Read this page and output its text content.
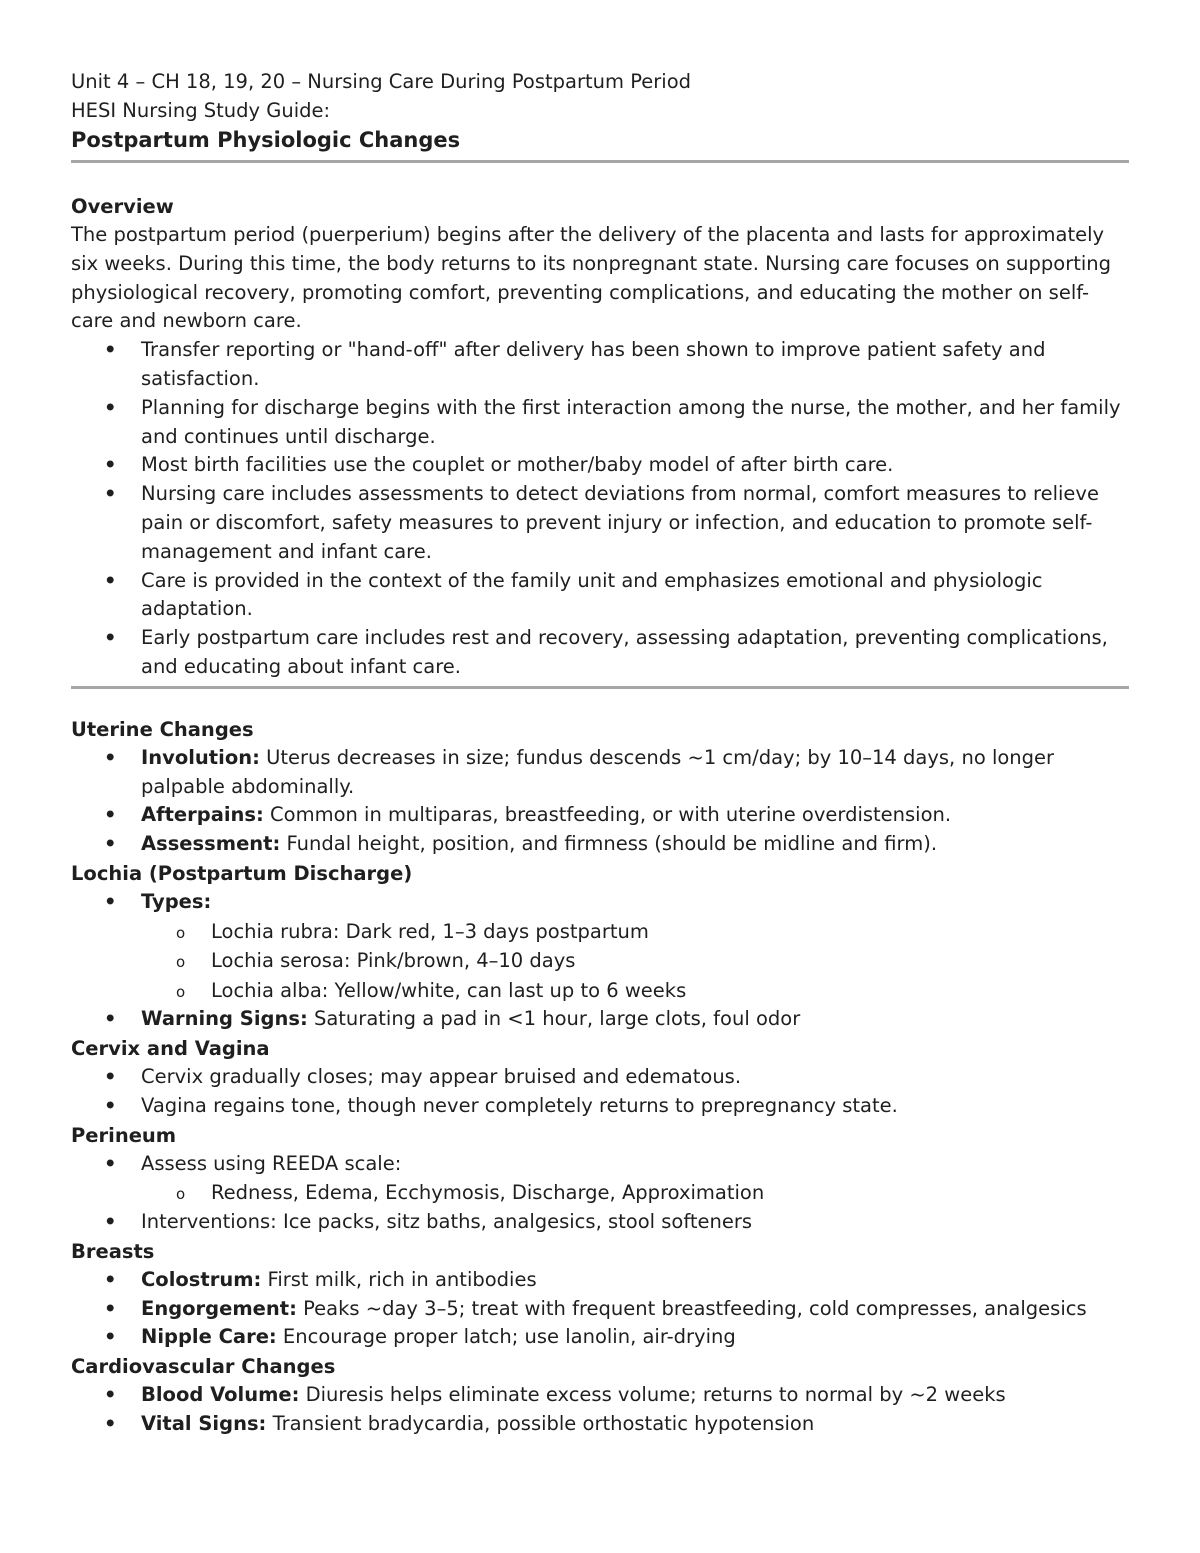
Unit 4 – CH 18, 19, 20 – Nursing Care During Postpartum Period
HESI Nursing Study Guide:
Postpartum Physiologic Changes
Overview
The postpartum period (puerperium) begins after the delivery of the placenta and lasts for approximately six weeks. During this time, the body returns to its nonpregnant state. Nursing care focuses on supporting physiological recovery, promoting comfort, preventing complications, and educating the mother on self-care and newborn care.
• Transfer reporting or "hand-off" after delivery has been shown to improve patient safety and satisfaction.
• Planning for discharge begins with the first interaction among the nurse, the mother, and her family and continues until discharge.
• Most birth facilities use the couplet or mother/baby model of after birth care.
• Nursing care includes assessments to detect deviations from normal, comfort measures to relieve pain or discomfort, safety measures to prevent injury or infection, and education to promote self-management and infant care.
• Care is provided in the context of the family unit and emphasizes emotional and physiologic adaptation.
• Early postpartum care includes rest and recovery, assessing adaptation, preventing complications, and educating about infant care.
Uterine Changes
• Involution: Uterus decreases in size; fundus descends ~1 cm/day; by 10–14 days, no longer palpable abdominally.
• Afterpains: Common in multiparas, breastfeeding, or with uterine overdistension.
• Assessment: Fundal height, position, and firmness (should be midline and firm).
Lochia (Postpartum Discharge)
• Types:
o Lochia rubra: Dark red, 1–3 days postpartum
o Lochia serosa: Pink/brown, 4–10 days
o Lochia alba: Yellow/white, can last up to 6 weeks
• Warning Signs: Saturating a pad in <1 hour, large clots, foul odor
Cervix and Vagina
• Cervix gradually closes; may appear bruised and edematous.
• Vagina regains tone, though never completely returns to prepregnancy state.
Perineum
• Assess using REEDA scale:
o Redness, Edema, Ecchymosis, Discharge, Approximation
• Interventions: Ice packs, sitz baths, analgesics, stool softeners
Breasts
• Colostrum: First milk, rich in antibodies
• Engorgement: Peaks ~day 3–5; treat with frequent breastfeeding, cold compresses, analgesics
• Nipple Care: Encourage proper latch; use lanolin, air-drying
Cardiovascular Changes
• Blood Volume: Diuresis helps eliminate excess volume; returns to normal by ~2 weeks
• Vital Signs: Transient bradycardia, possible orthostatic hypotension
